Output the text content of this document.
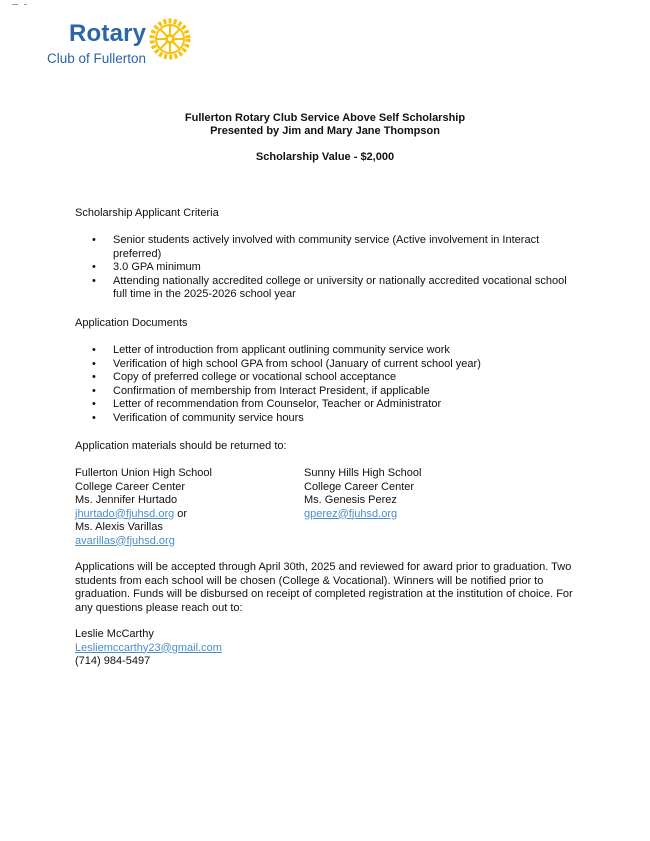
Rotary
Club of Fullerton
Fullerton Rotary Club Service Above Self Scholarship
Presented by Jim and Mary Jane Thompson
Scholarship Value - $2,000
Scholarship Applicant Criteria
• Senior students actively involved with community service (Active involvement in Interact preferred)
• 3.0 GPA minimum
• Attending nationally accredited college or university or nationally accredited vocational school full time in the 2025-2026 school year
Application Documents
• Letter of introduction from applicant outlining community service work
• Verification of high school GPA from school (January of current school year)
• Copy of preferred college or vocational school acceptance
• Confirmation of membership from Interact President, if applicable
• Letter of recommendation from Counselor, Teacher or Administrator
• Verification of community service hours
Application materials should be returned to:
Fullerton Union High School
College Career Center
Ms. Jennifer Hurtado
jhurtado@fjuhsd.org or
Ms. Alexis Varillas
avarillas@fjuhsd.org
Sunny Hills High School
College Career Center
Ms. Genesis Perez
gperez@fjuhsd.org
Applications will be accepted through April 30th, 2025 and reviewed for award prior to graduation. Two students from each school will be chosen (College & Vocational). Winners will be notified prior to graduation. Funds will be disbursed on receipt of completed registration at the institution of choice. For any questions please reach out to:
Leslie McCarthy
Lesliemccarthy23@gmail.com
(714) 984-5497
